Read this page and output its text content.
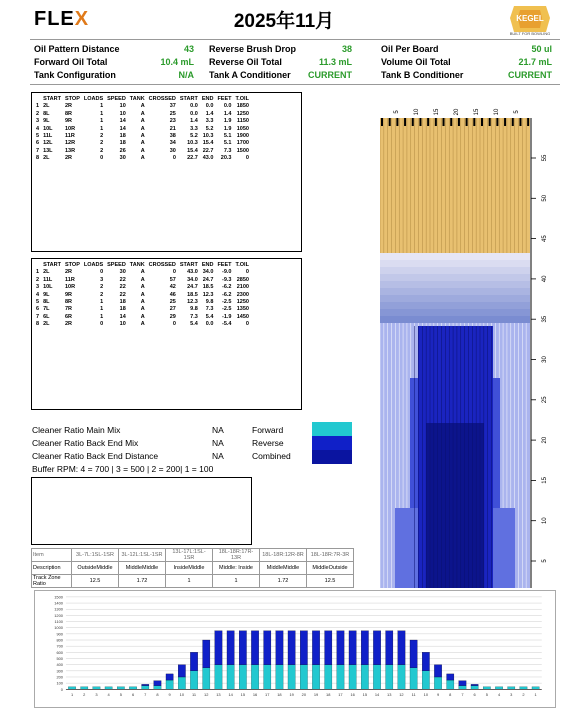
FLEX	2025年11月	KEGEL
BUILT FOR BOWLING
Oil Pattern Distance	43
Forward Oil Total	10.4 mL
Tank Configuration	N/A
Reverse Brush Drop	38
Reverse Oil Total	11.3 mL
Tank A Conditioner	CURRENT
Oil Per Board	50 ul
Volume Oil Total	21.7 mL
Tank B Conditioner	CURRENT
	START	STOP	LOADS	SPEED	TANK	CROSSED	START	END	FEET	T.OIL
1	2L	2R	1	10	A	37	0.0	0.0	0.0	1850
2	8L	8R	1	10	A	25	0.0	1.4	1.4	1250
3	9L	9R	1	14	A	23	1.4	3.3	1.9	1150
4	10L	10R	1	14	A	21	3.3	5.2	1.9	1050
5	11L	11R	2	18	A	38	5.2	10.3	5.1	1900
6	12L	12R	2	18	A	34	10.3	15.4	5.1	1700
7	13L	13R	2	26	A	30	15.4	22.7	7.3	1500
8	2L	2R	0	30	A	0	22.7	43.0	20.3	0
	START	STOP	LOADS	SPEED	TANK	CROSSED	START	END	FEET	T.OIL
1	2L	2R	0	30	A	0	43.0	34.0	-9.0	0
2	11L	11R	3	22	A	57	34.0	24.7	-9.3	2850
3	10L	10R	2	22	A	42	24.7	18.5	-6.2	2100
4	9L	9R	2	22	A	46	18.5	12.3	-6.2	2300
5	8L	8R	1	18	A	25	12.3	9.8	-2.5	1250
6	7L	7R	1	18	A	27	9.8	7.3	-2.5	1350
7	6L	6R	1	14	A	29	7.3	5.4	-1.9	1450
8	2L	2R	0	10	A	0	5.4	0.0	-5.4	0
Cleaner Ratio Main Mix	NA
Cleaner Ratio Back End Mix	NA
Cleaner Ratio Back End Distance	NA
Forward
Reverse
Combined
Buffer RPM: 4 = 700 | 3 = 500 | 2 = 200| 1 = 100
Item	3L-7L:1SL-1SR	3L-12L:1SL-1SR	13L-17L:1SL-1SR	18L-18R:17R-13R	18L-18R:12R-8R	18L-18R:7R-3R
Description	OutsideMiddle	MiddleMiddle	InsideMiddle	Middle: Inside	MiddleMiddle	MiddleOutside
Track Zone Ratio	12.5	1.72	1	1	1.72	12.5
5 10 15 20 15 10 5
55
50
45
40
35
30
25
20
15
10
5
0
100
200
300
400
500
600
700
800
900
1000
1100
1200
1300
1400
1500
1	2	3	4	5	6	7	8	9 10 11 12 13 14 15 16 17 18 19 20 19 18 17 16 15 14 13 12 11 10 9	8	7	6	5	4	3	2	1
